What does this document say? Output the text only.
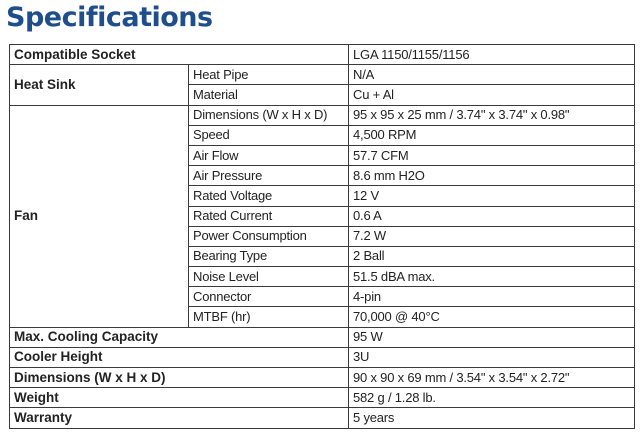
Specifications
Compatible Socket		LGA 1150/1155/1156
Heat Sink	Heat Pipe	N/A
	Material	Cu + Al
Fan	Dimensions (W x H x D)	95 x 95 x 25 mm / 3.74" x 3.74" x 0.98"
	Speed	4,500 RPM
	Air Flow	57.7 CFM
	Air Pressure	8.6 mm H2O
	Rated Voltage	12 V
	Rated Current	0.6 A
	Power Consumption	7.2 W
	Bearing Type	2 Ball
	Noise Level	51.5 dBA max.
	Connector	4-pin
	MTBF (hr)	70,000 @ 40°C
Max. Cooling Capacity		95 W
Cooler Height		3U
Dimensions (W x H x D)		90 x 90 x 69 mm / 3.54" x 3.54" x 2.72"
Weight		582 g / 1.28 lb.
Warranty		5 years
